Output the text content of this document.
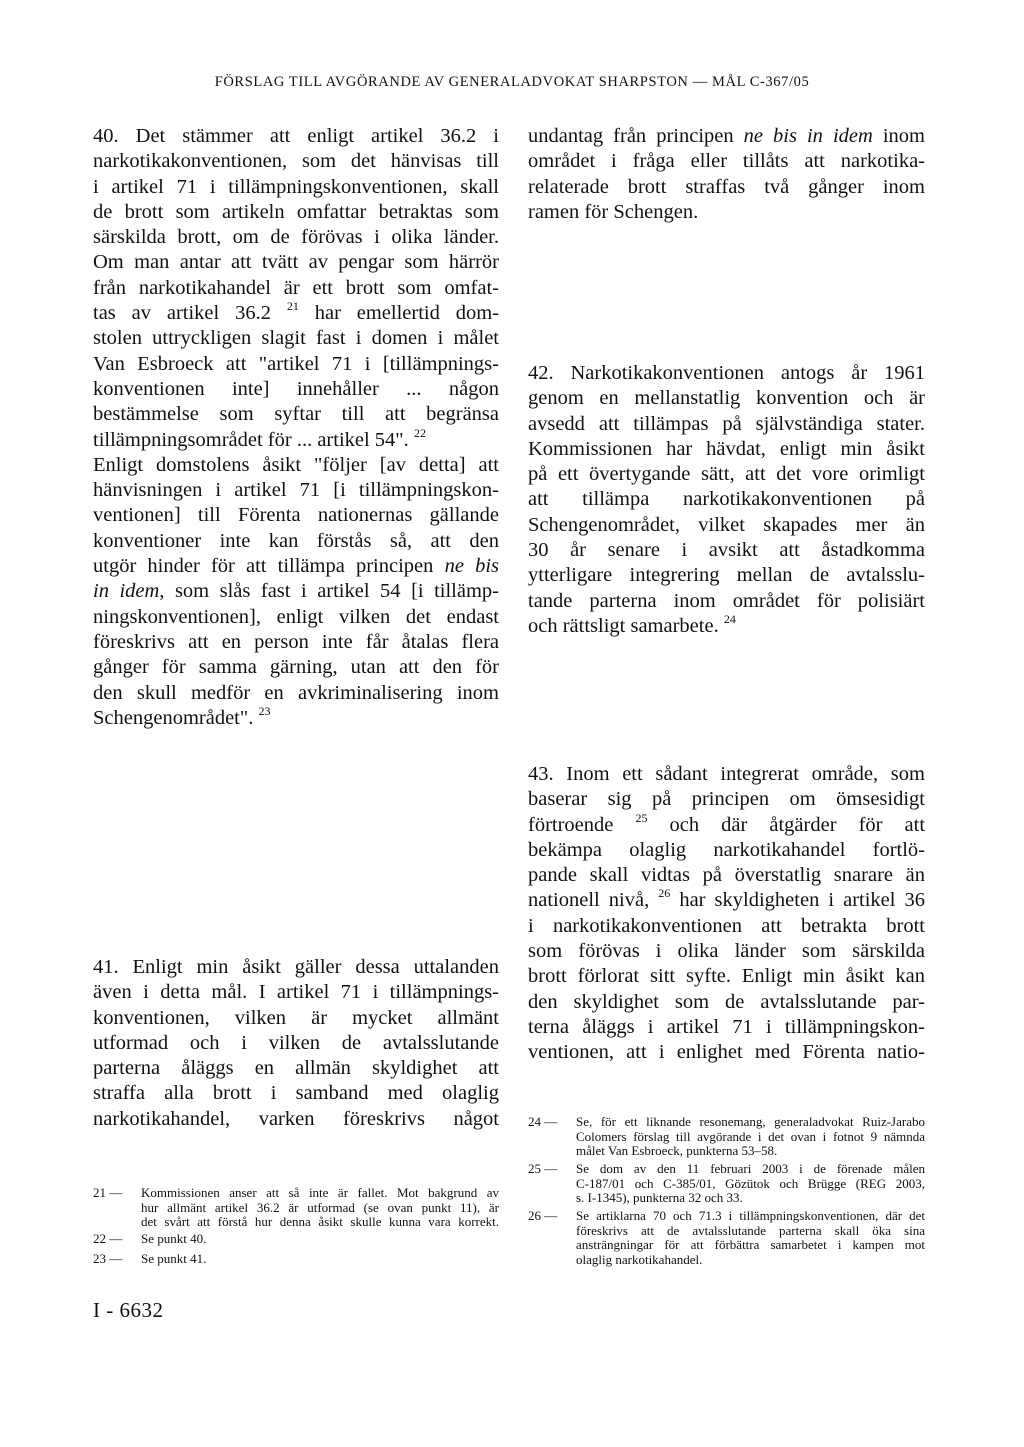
FÖRSLAG TILL AVGÖRANDE AV GENERALADVOKAT SHARPSTON — MÅL C-367/05
40. Det stämmer att enligt artikel 36.2 i
narkotikakonventionen, som det hänvisas till
i artikel 71 i tillämpningskonventionen, skall
de brott som artikeln omfattar betraktas som
särskilda brott, om de förövas i olika länder.
Om man antar att tvätt av pengar som härrör
från narkotikahandel är ett brott som omfat-
tas av artikel 36.2 $^{21}$ har emellertid dom-
stolen uttryckligen slagit fast i domen i målet
Van Esbroeck att "artikel 71 i [tillämpnings-
konventionen inte] innehåller ... någon
bestämmelse som syftar till att begränsa
tillämpningsområdet för ... artikel 54". $^{22}$
Enligt domstolens åsikt "följer [av detta] att
hänvisningen i artikel 71 [i tillämpningskon-
ventionen] till Förenta nationernas gällande
konventioner inte kan förstås så, att den
utgör hinder för att tillämpa principen ne bis
in idem, som slås fast i artikel 54 [i tillämp-
ningskonventionen], enligt vilken det endast
föreskrivs att en person inte får åtalas flera
gånger för samma gärning, utan att den för
den skull medför en avkriminalisering inom
Schengenområdet". $^{23}$
undantag från principen ne bis in idem inom
området i fråga eller tillåts att narkotika-
relaterade brott straffas två gånger inom
ramen för Schengen.
42. Narkotikakonventionen antogs år 1961
genom en mellanstatlig konvention och är
avsedd att tillämpas på självständiga stater.
Kommissionen har hävdat, enligt min åsikt
på ett övertygande sätt, att det vore orimligt
att tillämpa narkotikakonventionen på
Schengenområdet, vilket skapades mer än
30 år senare i avsikt att åstadkomma
ytterligare integrering mellan de avtalsslu-
tande parterna inom området för polisiärt
och rättsligt samarbete. $^{24}$
43. Inom ett sådant integrerat område, som
baserar sig på principen om ömsesidigt
förtroende $^{25}$ och där åtgärder för att
bekämpa olaglig narkotikahandel fortlö-
pande skall vidtas på överstatlig snarare än
nationell nivå, $^{26}$ har skyldigheten i artikel 36
i narkotikakonventionen att betrakta brott
som förövas i olika länder som särskilda
brott förlorat sitt syfte. Enligt min åsikt kan
den skyldighet som de avtalsslutande par-
terna åläggs i artikel 71 i tillämpningskon-
ventionen, att i enlighet med Förenta natio-
41. Enligt min åsikt gäller dessa uttalanden
även i detta mål. I artikel 71 i tillämpnings-
konventionen, vilken är mycket allmänt
utformad och i vilken de avtalsslutande
parterna åläggs en allmän skyldighet att
straffa alla brott i samband med olaglig
narkotikahandel, varken föreskrivs något
21 — Kommissionen anser att så inte är fallet. Mot bakgrund av
hur allmänt artikel 36.2 är utformad (se ovan punkt 11), är
det svårt att förstå hur denna åsikt skulle kunna vara korrekt.
22 — Se punkt 40.
23 — Se punkt 41.
24 — Se, för ett liknande resonemang, generaladvokat Ruiz-Jarabo
Colomers förslag till avgörande i det ovan i fotnot 9 nämnda
målet Van Esbroeck, punkterna 53–58.
25 — Se dom av den 11 februari 2003 i de förenade målen
C-187/01 och C-385/01, Gözütok och Brügge (REG 2003,
s. I-1345), punkterna 32 och 33.
26 — Se artiklarna 70 och 71.3 i tillämpningskonventionen, där det
föreskrivs att de avtalsslutande parterna skall öka sina
ansträngningar för att förbättra samarbetet i kampen mot
olaglig narkotikahandel.
I - 6632
